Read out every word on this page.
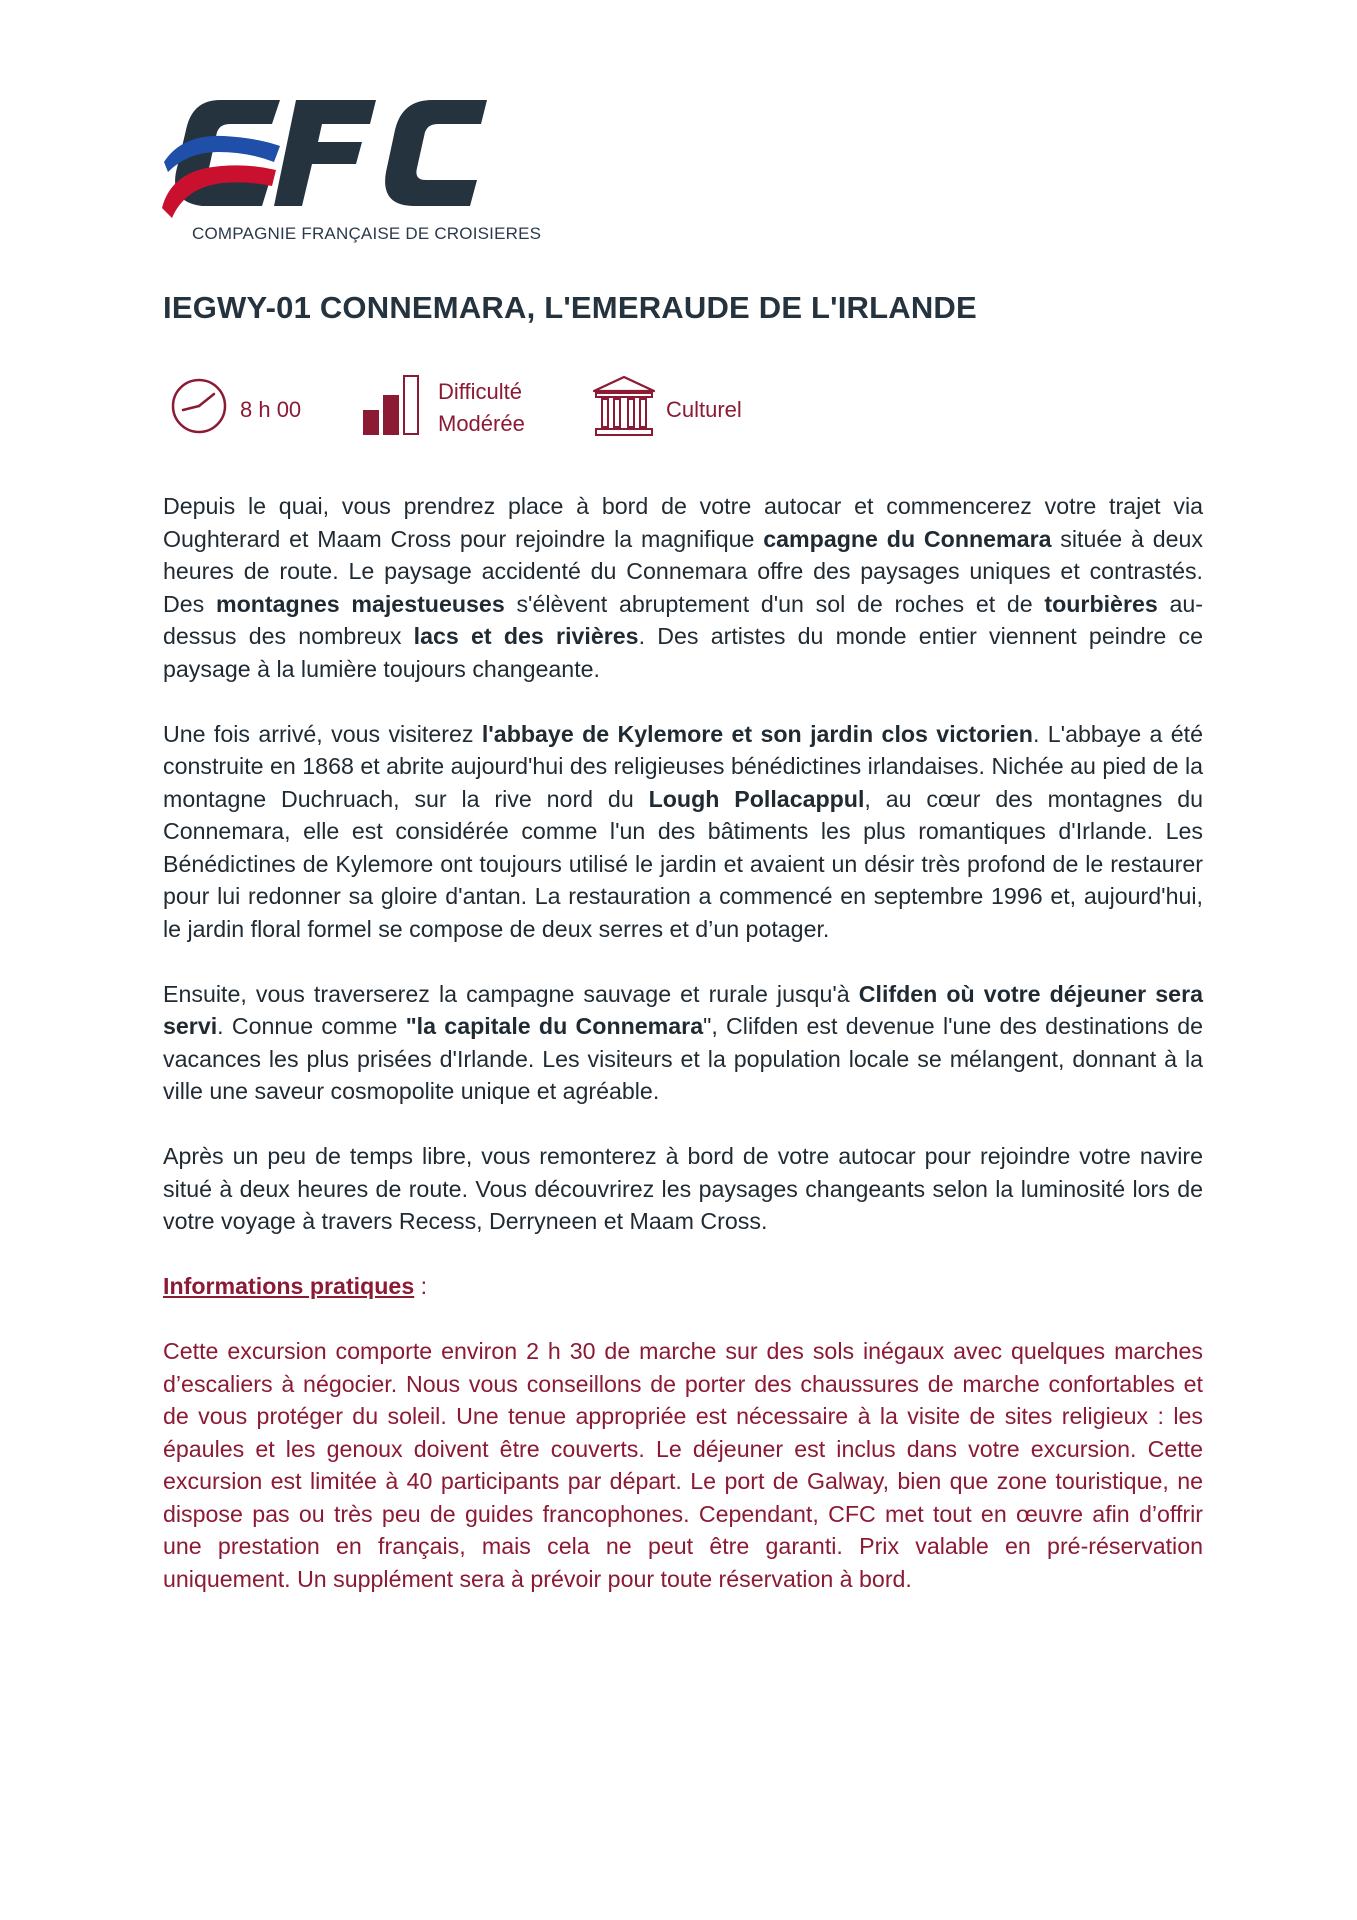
COMPAGNIE FRANÇAISE DE CROISIERES
IEGWY-01 CONNEMARA, L'EMERAUDE DE L'IRLANDE
8 h 00
Difficulté
Modérée
Culturel

Depuis le quai, vous prendrez place à bord de votre autocar et commencerez votre trajet via Oughterard et Maam Cross pour rejoindre la magnifique campagne du Connemara située à deux heures de route. Le paysage accidenté du Connemara offre des paysages uniques et contrastés. Des montagnes majestueuses s'élèvent abruptement d'un sol de roches et de tourbières au-dessus des nombreux lacs et des rivières. Des artistes du monde entier viennent peindre ce paysage à la lumière toujours changeante.

Une fois arrivé, vous visiterez l'abbaye de Kylemore et son jardin clos victorien. L'abbaye a été construite en 1868 et abrite aujourd'hui des religieuses bénédictines irlandaises. Nichée au pied de la montagne Duchruach, sur la rive nord du Lough Pollacappul, au cœur des montagnes du Connemara, elle est considérée comme l'un des bâtiments les plus romantiques d'Irlande. Les Bénédictines de Kylemore ont toujours utilisé le jardin et avaient un désir très profond de le restaurer pour lui redonner sa gloire d'antan. La restauration a commencé en septembre 1996 et, aujourd'hui, le jardin floral formel se compose de deux serres et d’un potager.

Ensuite, vous traverserez la campagne sauvage et rurale jusqu'à Clifden où votre déjeuner sera servi. Connue comme "la capitale du Connemara", Clifden est devenue l'une des destinations de vacances les plus prisées d'Irlande. Les visiteurs et la population locale se mélangent, donnant à la ville une saveur cosmopolite unique et agréable.

Après un peu de temps libre, vous remonterez à bord de votre autocar pour rejoindre votre navire situé à deux heures de route. Vous découvrirez les paysages changeants selon la luminosité lors de votre voyage à travers Recess, Derryneen et Maam Cross.

Informations pratiques :

Cette excursion comporte environ 2 h 30 de marche sur des sols inégaux avec quelques marches d’escaliers à négocier. Nous vous conseillons de porter des chaussures de marche confortables et de vous protéger du soleil. Une tenue appropriée est nécessaire à la visite de sites religieux : les épaules et les genoux doivent être couverts. Le déjeuner est inclus dans votre excursion. Cette excursion est limitée à 40 participants par départ. Le port de Galway, bien que zone touristique, ne dispose pas ou très peu de guides francophones. Cependant, CFC met tout en œuvre afin d’offrir une prestation en français, mais cela ne peut être garanti. Prix valable en pré-réservation uniquement. Un supplément sera à prévoir pour toute réservation à bord.
